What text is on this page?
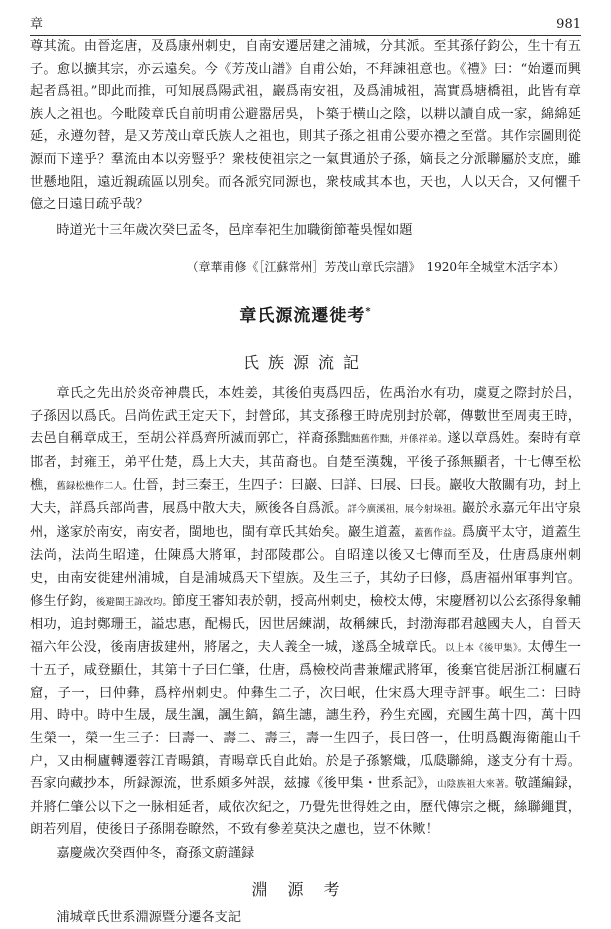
章	981

尊其流。由晉迄唐，及爲康州刺史，自南安遷居建之浦城，分其派。至其孫仔鈞公，生十有五子。愈以擴其宗，亦云遠矣。今《芳茂山譜》自甫公始，不拜諫祖意也。《禮》曰：“始遷而興起者爲祖。”即此而推，可知展爲陽武祖，巖爲南安祖，及爲浦城祖，嵩實爲塘橋祖，此皆有章族人之祖也。今毗陵章氏自前明甫公避嚣居吳，卜築于横山之陰，以耕以讀自成一家，綿綿延延，永遵勿替，是又芳茂山章氏族人之祖也，則其子孫之祖甫公要亦禮之至當。其作宗圖則從源而下達乎？羣流由本以旁豎乎？衆枝使祖宗之一氣貫通於子孫，嫡長之分派聯屬於支庶，雖世懸地阻，遠近親疏區以別矣。而各派究同源也，衆枝咸其本也，天也，人以天合，又何懼千億之日遠日疏乎哉？

時道光十三年歲次癸巳孟冬，邑庠奉祀生加職銜節菴吳惺如題

（章華甫修《［江蘇常州］芳茂山章氏宗譜》　1920年全城堂木活字本）

章氏源流遷徙考*
氏族源流記

章氏之先出於炎帝神農氏，本姓姜，其後伯夷爲四岳，佐禹治水有功，虞夏之際封於吕，子孫因以爲氏。吕尚佐武王定天下，封營邱，其支孫穆王時虎別封於鄣，傳數世至周夷王時，去邑自稱章成王，至胡公祥爲齊所滅而郭亡，祥裔孫黜黜舊作黜，并係祥弟。遂以章爲姓。秦時有章邯者，封雍王，弟平仕楚，爲上大夫，其苗裔也。自楚至漢魏，平後子孫無顯者，十七傳至松樵，舊録松樵作二人。仕晉，封三秦王，生四子：曰巖、曰詳、曰展、曰長。巖收大散關有功，封上大夫，詳爲兵部尚書，展爲中散大夫，厥後各自爲派。詳今廣溪祖，展今射垛祖。巖於永嘉元年出守泉州，遂家於南安，南安者，閩地也，閩有章氏其始矣。巖生道蓋，蓋舊作益。爲廣平太守，道蓋生法尚，法尚生昭達，仕陳爲大將軍，封邵陵郡公。自昭達以後又七傳而至及，仕唐爲康州刺史，由南安徙建州浦城，自是浦城爲天下望族。及生三子，其幼子曰修，爲唐福州軍事判官。修生仔鈞，後避閩王諱改均。節度王審知表於朝，授高州刺史，檢校太傅，宋慶曆初以公玄孫得象輔相功，追封鄭珊王，謚忠惠，配楊氏，因世居練湖，故稱練氏，封渤海郡君越國夫人，自晉天福六年公没，後南唐拔建州，將屠之，夫人義全一城，遂爲全城章氏。以上本《後甲集》。太傅生一十五子，咸登顯仕，其第十子曰仁肇，仕唐，爲檢校尚書兼耀武將軍，後棄官徙居浙江桐廬石窟，子一，曰仲彝，爲梓州刺史。仲彝生二子，次曰岷，仕宋爲大理寺評事。岷生二：曰時用、時中。時中生晟，晟生諷，諷生鎬，鎬生譓，譓生矜，矜生充國，充國生萬十四，萬十四生榮一，榮一生三子：曰壽一、壽二、壽三，壽一生四子，長曰啓一，仕明爲觀海衛龍山千户，又由桐廬轉遷蓉江青暘鎮，青暘章氏自此始。於是子孫繁熾，瓜瓞聯綿，遂支分有十焉。吾家向藏抄本，所録源流，世系頗多舛誤，兹據《後甲集・世系記》，山陰族祖大來著。敬謹編録，并將仁肇公以下之一脉相延者，咸依次紀之，乃覺先世得姓之由，歷代傳宗之概，絲聯繩貫，朗若列眉，使後日子孫開卷瞭然，不致有參差莫決之慮也，豈不休歟！

嘉慶歲次癸酉仲冬，裔孫文蔚謹録

淵源考

浦城章氏世系淵源暨分遷各支記
